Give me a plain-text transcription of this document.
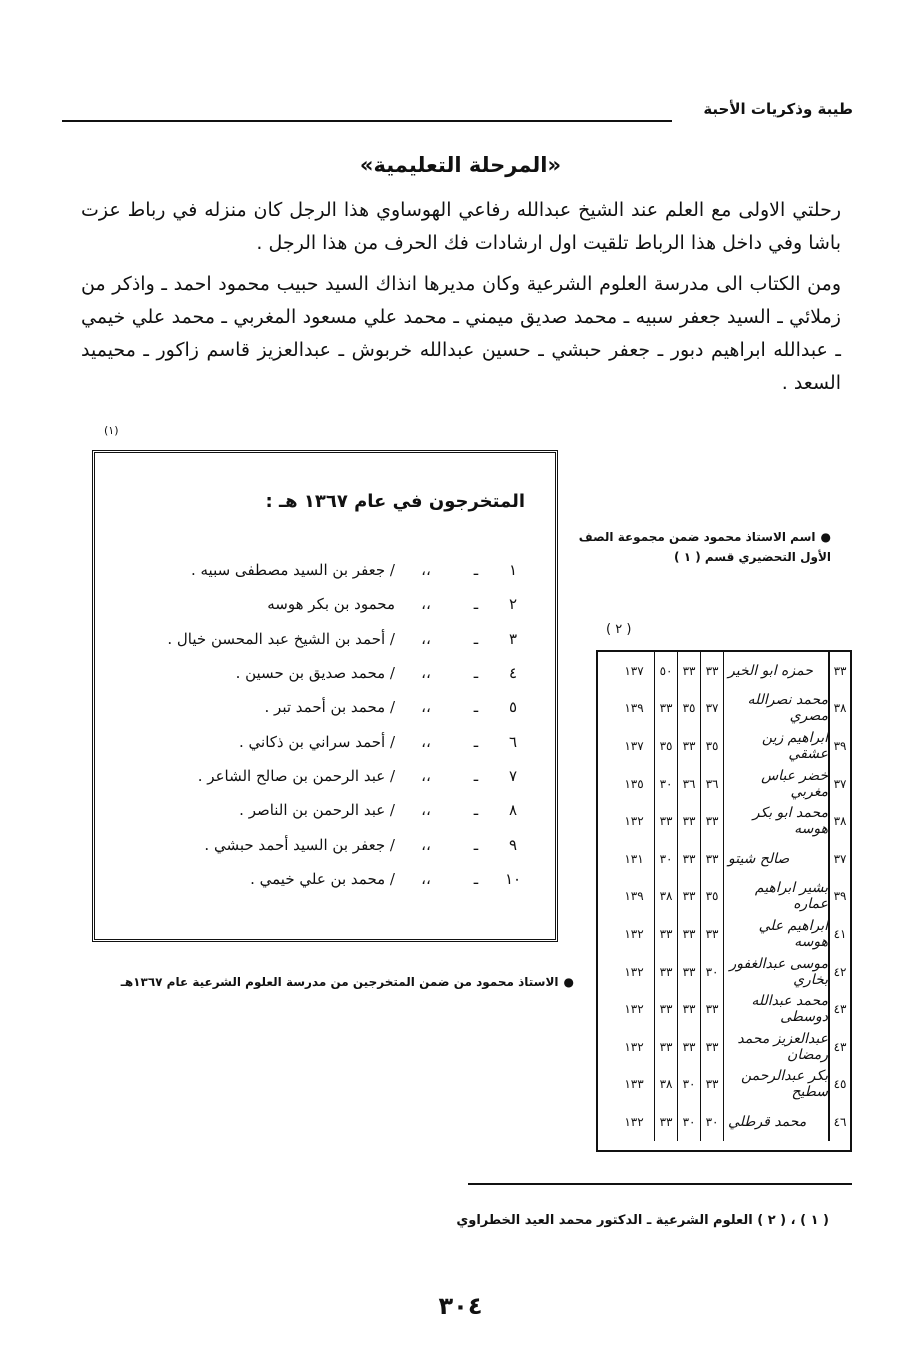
طيبة وذكريات الأحبة
«المرحلة التعليمية»

رحلتي الاولى مع العلم عند الشيخ عبدالله رفاعي الهوساوي هذا الرجل كان منزله في رباط عزت باشا وفي داخل هذا الرباط تلقيت اول ارشادات فك الحرف من هذا الرجل .

ومن الكتاب الى مدرسة العلوم الشرعية وكان مديرها انذاك السيد حبيب محمود احمد ـ واذكر من زملائي ـ السيد جعفر سبيه ـ محمد صديق ميمني ـ محمد علي مسعود المغربي ـ محمد علي خيمي ـ عبدالله ابراهيم دبور ـ جعفر حبشي ـ حسين عبدالله خربوش ـ عبدالعزيز قاسم زاكور ـ محيميد السعد .

(١)
المتخرجون في عام ١٣٦٧ هـ :
١
ـ
،،
/ جعفر بن السيد مصطفى سبيه .
٢
ـ
،،
محمود بن بكر هوسه
٣
ـ
،،
/ أحمد بن الشيخ عبد المحسن خيال .
٤
ـ
،،
/ محمد صديق بن حسين .
٥
ـ
،،
/ محمد بن أحمد تبر .
٦
ـ
،،
/ أحمد سراني بن ذكاني .
٧
ـ
،،
/ عبد الرحمن بن صالح الشاعر .
٨
ـ
،،
/ عبد الرحمن بن الناصر .
٩
ـ
،،
/ جعفر بن السيد أحمد حبشي .
١٠
ـ
،،
/ محمد بن علي خيمي .
●اسم الاستاذ محمود ضمن مجموعة الصف الأول التحضيري قسم ( ١ )
( ٢ )
٣٣
حمزه ابو الخير
٣٣
٣٣
٥٠
١٣٧
٣٨
محمد نصرالله مصري
٣٧
٣٥
٣٣
١٣٩
٣٩
ابراهيم زين عشقي
٣٥
٣٣
٣٥
١٣٧
٣٧
خضر عباس مغربي
٣٦
٣٦
٣٠
١٣٥
٣٨
محمد ابو بكر هوسه
٣٣
٣٣
٣٣
١٣٢
٣٧
صالح شيتو
٣٣
٣٣
٣٠
١٣١
٣٩
بشير ابراهيم عماره
٣٥
٣٣
٣٨
١٣٩
٤١
ابراهيم علي هوسه
٣٣
٣٣
٣٣
١٣٢
٤٢
موسى عبدالغفور بخاري
٣٠
٣٣
٣٣
١٣٢
٤٣
محمد عبدالله دوسطى
٣٣
٣٣
٣٣
١٣٢
٤٣
عبدالعزيز محمد رمضان
٣٣
٣٣
٣٣
١٣٢
٤٥
بكر عبدالرحمن سطيح
٣٣
٣٠
٣٨
١٣٣
٤٦
محمد قرطلي
٣٠
٣٠
٣٣
١٣٢
●الاستاذ محمود من ضمن المتخرجين من مدرسة العلوم الشرعية عام ١٣٦٧هـ
( ١ ) ، ( ٢ ) العلوم الشرعية ـ الدكتور محمد العيد الخطراوي
٣٠٤
